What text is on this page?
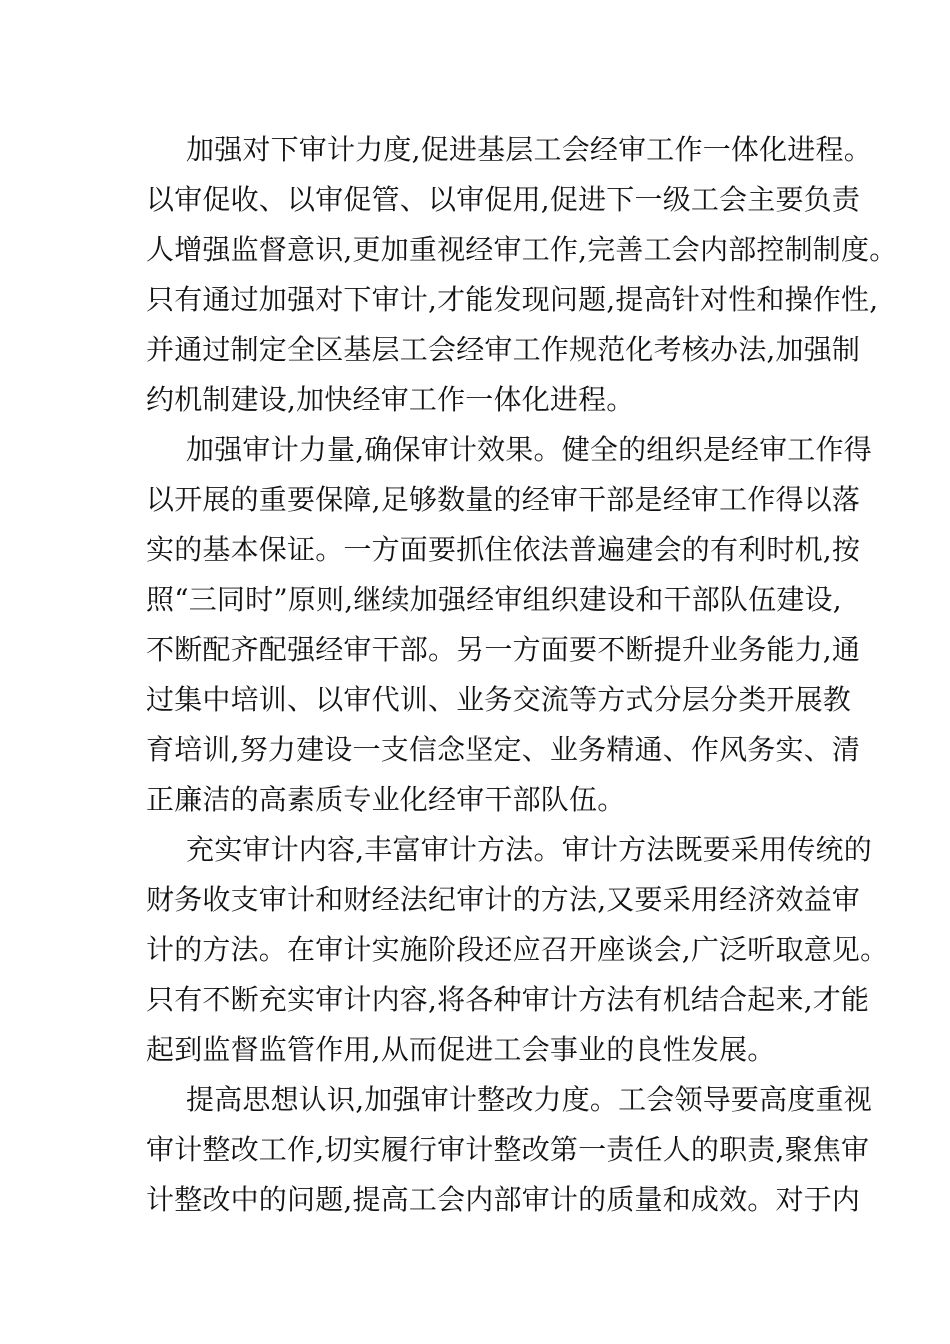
加强对下审计力度,促进基层工会经审工作一体化进程。
以审促收、以审促管、以审促用,促进下一级工会主要负责
人增强监督意识,更加重视经审工作,完善工会内部控制制度。
只有通过加强对下审计,才能发现问题,提高针对性和操作性,
并通过制定全区基层工会经审工作规范化考核办法,加强制
约机制建设,加快经审工作一体化进程。
加强审计力量,确保审计效果。健全的组织是经审工作得
以开展的重要保障,足够数量的经审干部是经审工作得以落
实的基本保证。一方面要抓住依法普遍建会的有利时机,按
照“三同时”原则,继续加强经审组织建设和干部队伍建设,
不断配齐配强经审干部。另一方面要不断提升业务能力,通
过集中培训、以审代训、业务交流等方式分层分类开展教
育培训,努力建设一支信念坚定、业务精通、作风务实、清
正廉洁的高素质专业化经审干部队伍。
充实审计内容,丰富审计方法。审计方法既要采用传统的
财务收支审计和财经法纪审计的方法,又要采用经济效益审
计的方法。在审计实施阶段还应召开座谈会,广泛听取意见。
只有不断充实审计内容,将各种审计方法有机结合起来,才能
起到监督监管作用,从而促进工会事业的良性发展。
提高思想认识,加强审计整改力度。工会领导要高度重视
审计整改工作,切实履行审计整改第一责任人的职责,聚焦审
计整改中的问题,提高工会内部审计的质量和成效。对于内
